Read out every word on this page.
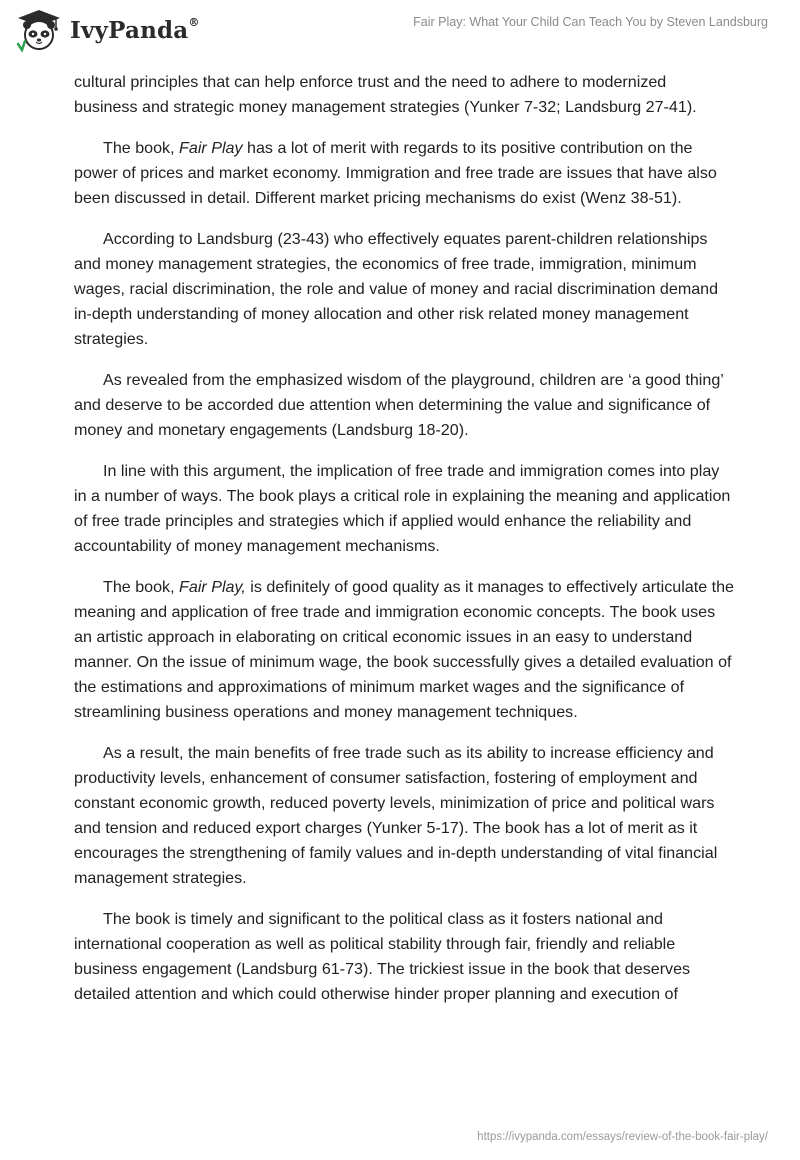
IvyPanda®	Fair Play: What Your Child Can Teach You by Steven Landsburg

cultural principles that can help enforce trust and the need to adhere to modernized business and strategic money management strategies (Yunker 7-32; Landsburg 27-41).

The book, Fair Play has a lot of merit with regards to its positive contribution on the power of prices and market economy. Immigration and free trade are issues that have also been discussed in detail. Different market pricing mechanisms do exist (Wenz 38-51).

According to Landsburg (23-43) who effectively equates parent-children relationships and money management strategies, the economics of free trade, immigration, minimum wages, racial discrimination, the role and value of money and racial discrimination demand in-depth understanding of money allocation and other risk related money management strategies.

As revealed from the emphasized wisdom of the playground, children are ‘a good thing’ and deserve to be accorded due attention when determining the value and significance of money and monetary engagements (Landsburg 18-20).

In line with this argument, the implication of free trade and immigration comes into play in a number of ways. The book plays a critical role in explaining the meaning and application of free trade principles and strategies which if applied would enhance the reliability and accountability of money management mechanisms.

The book, Fair Play, is definitely of good quality as it manages to effectively articulate the meaning and application of free trade and immigration economic concepts. The book uses an artistic approach in elaborating on critical economic issues in an easy to understand manner. On the issue of minimum wage, the book successfully gives a detailed evaluation of the estimations and approximations of minimum market wages and the significance of streamlining business operations and money management techniques.

As a result, the main benefits of free trade such as its ability to increase efficiency and productivity levels, enhancement of consumer satisfaction, fostering of employment and constant economic growth, reduced poverty levels, minimization of price and political wars and tension and reduced export charges (Yunker 5-17). The book has a lot of merit as it encourages the strengthening of family values and in-depth understanding of vital financial management strategies.

The book is timely and significant to the political class as it fosters national and international cooperation as well as political stability through fair, friendly and reliable business engagement (Landsburg 61-73). The trickiest issue in the book that deserves detailed attention and which could otherwise hinder proper planning and execution of

https://ivypanda.com/essays/review-of-the-book-fair-play/
